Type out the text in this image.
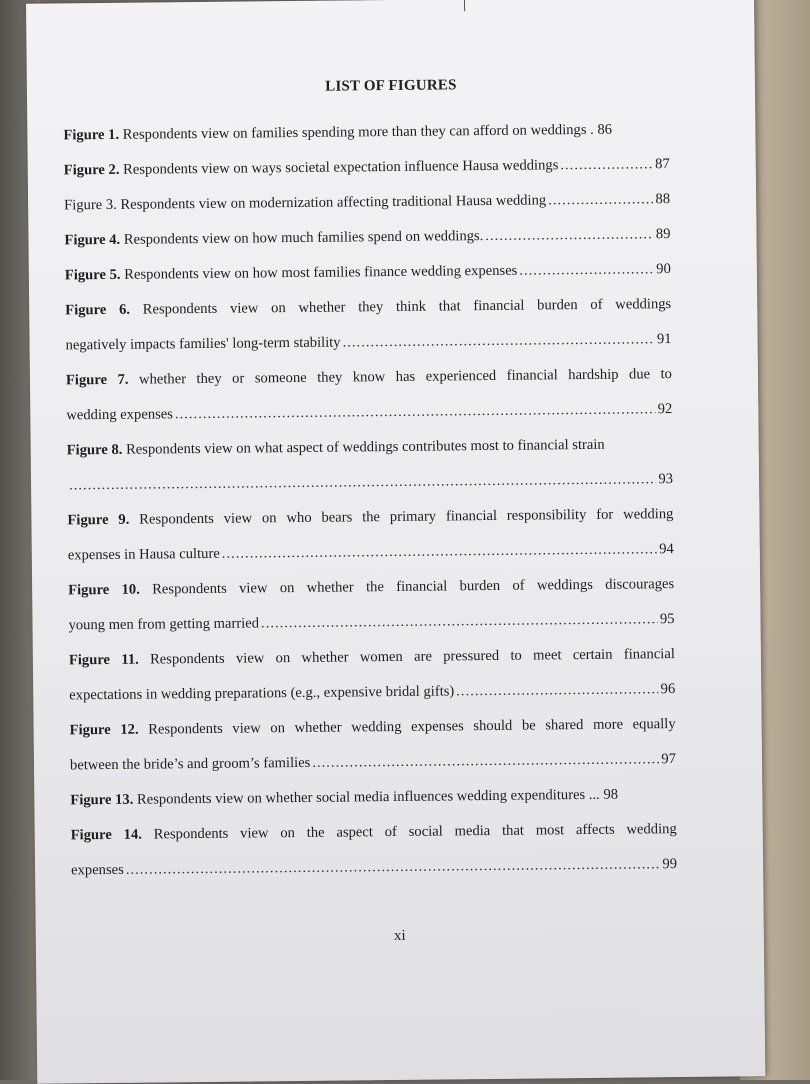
LIST OF FIGURES
Figure 1.
Respondents view on families spending more than they can afford on weddings .
86
Figure 2.
Respondents view on ways societal expectation influence Hausa weddings .....	87
Figure 3.
Respondents view on modernization affecting traditional Hausa wedding .....	88
Figure 4.
Respondents view on how much families spend on weddings. .....	89
Figure 5.
Respondents view on how most families finance wedding expenses .....	90
Figure 6. Respondents view on whether they think that financial burden of weddings
negatively impacts families' long-term stability .....	91
Figure 7. whether they or someone they know has experienced financial hardship due to
wedding expenses .....	92
Figure 8.
Respondents view on what aspect of weddings contributes most to financial strain
.....
93
Figure 9. Respondents view on who bears the primary financial responsibility for wedding
expenses in Hausa culture .....	94
Figure 10. Respondents view on whether the financial burden of weddings discourages
young men from getting married .....	95
Figure 11. Respondents view on whether women are pressured to meet certain financial
expectations in wedding preparations (e.g., expensive bridal gifts) .....	96
Figure 12. Respondents view on whether wedding expenses should be shared more equally
between the bride’s and groom’s families .....	97
Figure 13.
Respondents view on whether social media influences wedding expenditures ...
98
Figure 14. Respondents view on the aspect of social media that most affects wedding
expenses .....	99
xi
